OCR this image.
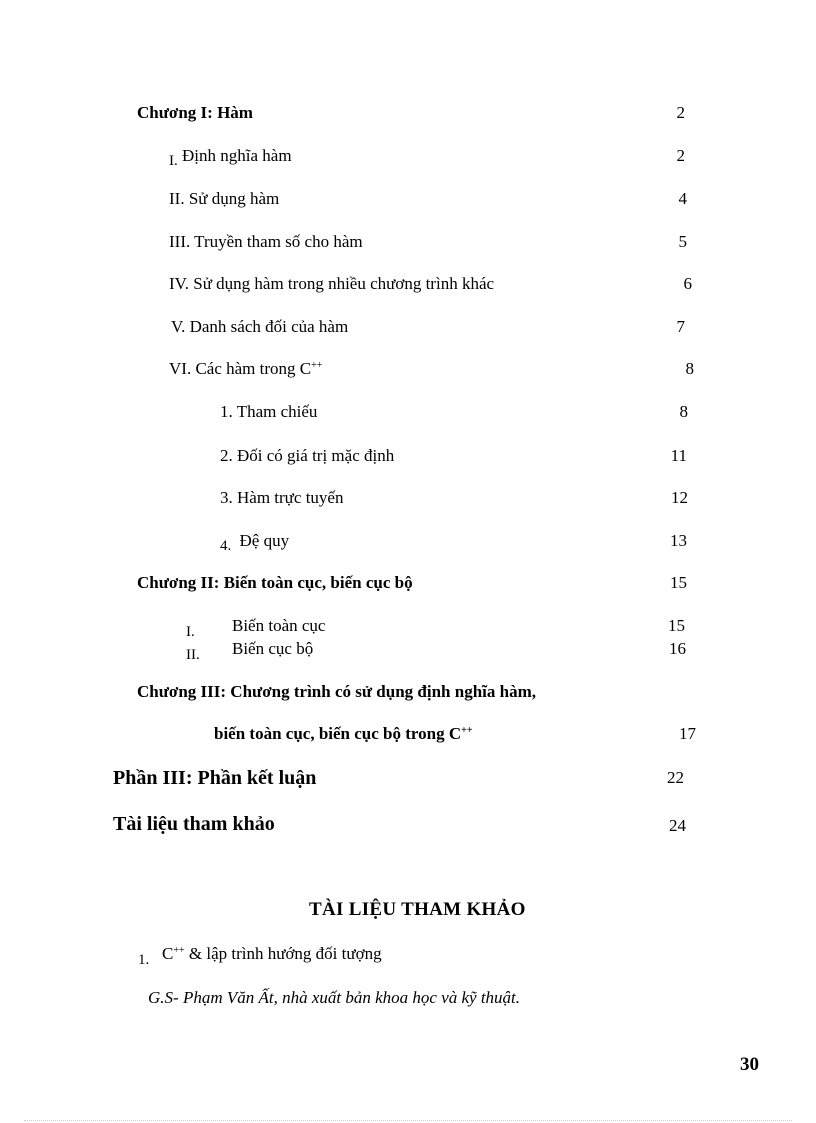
Chương I: Hàm	2
I. Định nghĩa hàm	2
II. Sử dụng hàm	4
III. Truyền tham số cho hàm	5
IV. Sử dụng hàm trong nhiều chương trình khác	6
V. Danh sách đối của hàm	7
VI. Các hàm trong C++	8
1. Tham chiếu	8
2. Đối có giá trị mặc định	11
3. Hàm trực tuyến	12
4. Đệ quy	13
Chương II: Biến toàn cục, biến cục bộ	15
I. Biến toàn cục	15
II. Biến cục bộ	16
Chương III: Chương trình có sử dụng định nghĩa hàm,
biến toàn cục, biến cục bộ trong C++	17
Phần III: Phần kết luận	22
Tài liệu tham khảo	24
TÀI LIỆU THAM KHẢO
1. C++ & lập trình hướng đối tượng
G.S- Phạm Văn Ất, nhà xuất bản khoa học và kỹ thuật.
30
